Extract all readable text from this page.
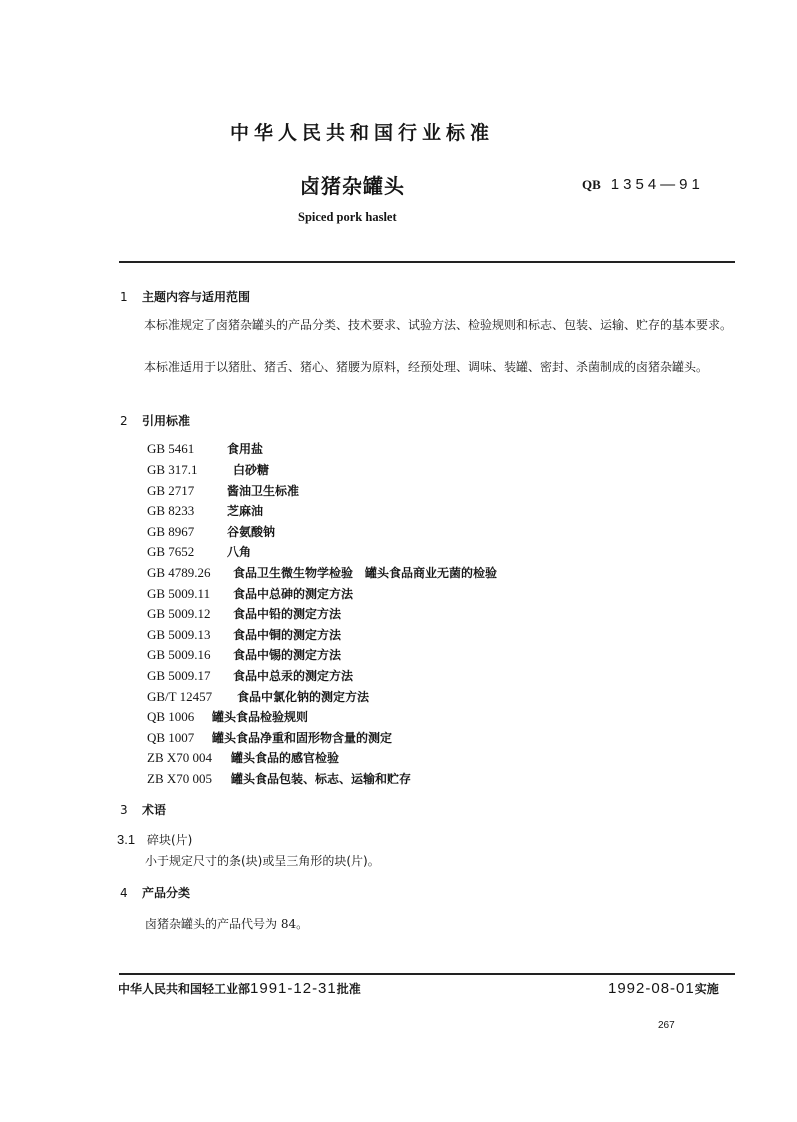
中华人民共和国行业标准
卤猪杂罐头	QB 1354—91
Spiced pork haslet
1 主题内容与适用范围
本标准规定了卤猪杂罐头的产品分类、技术要求、试验方法、检验规则和标志、包装、运输、贮存的基本要求。
本标准适用于以猪肚、猪舌、猪心、猪腰为原料，经预处理、调味、装罐、密封、杀菌制成的卤猪杂罐头。
2 引用标准
GB 5461	食用盐
GB 317.1	白砂糖
GB 2717	酱油卫生标准
GB 8233	芝麻油
GB 8967	谷氨酸钠
GB 7652	八角
GB 4789.26 食品卫生微生物学检验　罐头食品商业无菌的检验
GB 5009.11 食品中总砷的测定方法
GB 5009.12 食品中铅的测定方法
GB 5009.13 食品中铜的测定方法
GB 5009.16 食品中锡的测定方法
GB 5009.17 食品中总汞的测定方法
GB/T 12457 食品中氯化钠的测定方法
QB 1006 罐头食品检验规则
QB 1007 罐头食品净重和固形物含量的测定
ZB X70 004 罐头食品的感官检验
ZB X70 005 罐头食品包装、标志、运输和贮存
3 术语
3.1 碎块(片)
小于规定尺寸的条(块)或呈三角形的块(片)。
4 产品分类
卤猪杂罐头的产品代号为 84。
中华人民共和国轻工业部1991-12-31批准	1992-08-01实施
267
